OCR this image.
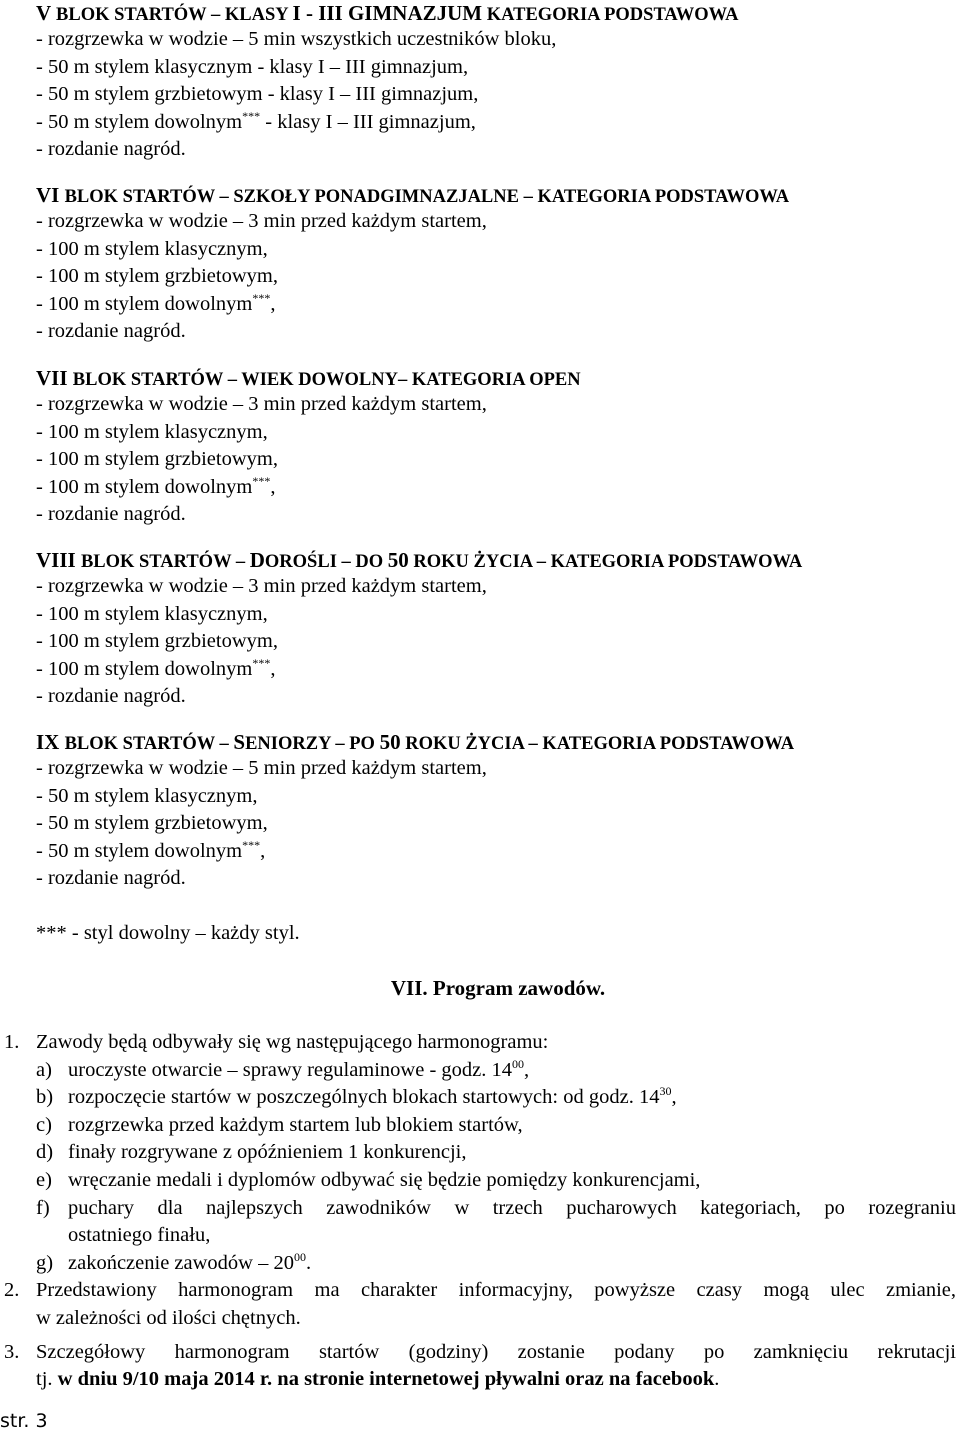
V BLOK STARTÓW – KLASY I - III GIMNAZJUM KATEGORIA PODSTAWOWA
- rozgrzewka w wodzie – 5 min wszystkich uczestników bloku,
- 50 m stylem klasycznym - klasy I – III gimnazjum,
- 50 m stylem grzbietowym - klasy I – III gimnazjum,
- 50 m stylem dowolnym*** - klasy I – III gimnazjum,
- rozdanie nagród.
VI BLOK STARTÓW – SZKOŁY PONADGIMNAZJALNE – KATEGORIA PODSTAWOWA
- rozgrzewka w wodzie – 3 min przed każdym startem,
- 100 m stylem klasycznym,
- 100 m stylem grzbietowym,
- 100 m stylem dowolnym***,
- rozdanie nagród.
VII BLOK STARTÓW – WIEK DOWOLNY– KATEGORIA OPEN
- rozgrzewka w wodzie – 3 min przed każdym startem,
- 100 m stylem klasycznym,
- 100 m stylem grzbietowym,
- 100 m stylem dowolnym***,
- rozdanie nagród.
VIII BLOK STARTÓW – DOROŚLI – DO 50 ROKU ŻYCIA – KATEGORIA PODSTAWOWA
- rozgrzewka w wodzie – 3 min przed każdym startem,
- 100 m stylem klasycznym,
- 100 m stylem grzbietowym,
- 100 m stylem dowolnym***,
- rozdanie nagród.
IX BLOK STARTÓW – SENIORZY – PO 50 ROKU ŻYCIA – KATEGORIA PODSTAWOWA
- rozgrzewka w wodzie – 5 min przed każdym startem,
- 50 m stylem klasycznym,
- 50 m stylem grzbietowym,
- 50 m stylem dowolnym***,
- rozdanie nagród.
*** - styl dowolny – każdy styl.
VII. Program zawodów.
1. Zawody będą odbywały się wg następującego harmonogramu:
a) uroczyste otwarcie – sprawy regulaminowe - godz. $14^{00}$,
b) rozpoczęcie startów w poszczególnych blokach startowych: od godz. $14^{30}$,
c) rozgrzewka przed każdym startem lub blokiem startów,
d) finały rozgrywane z opóźnieniem 1 konkurencji,
e) wręczanie medali i dyplomów odbywać się będzie pomiędzy konkurencjami,
f) puchary dla najlepszych zawodników w trzech pucharowych kategoriach, po rozegraniu
ostatniego finału,
g) zakończenie zawodów – $20^{00}$.
2. Przedstawiony harmonogram ma charakter informacyjny, powyższe czasy mogą ulec zmianie,
w zależności od ilości chętnych.
3. Szczegółowy harmonogram startów (godziny) zostanie podany po zamknięciu rekrutacji
tj. w dniu 9/10 maja 2014 r. na stronie internetowej pływalni oraz na facebook.
str. 3
